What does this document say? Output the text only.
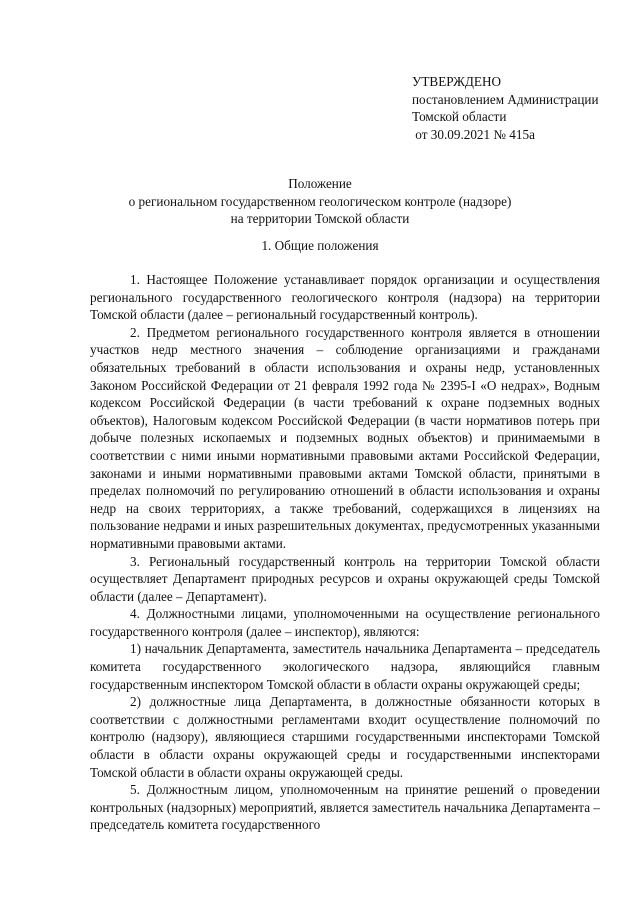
УТВЕРЖДЕНО
постановлением Администрации
Томской области
от 30.09.2021 № 415а
Положение
о региональном государственном геологическом контроле (надзоре)
на территории Томской области
1. Общие положения

1. Настоящее Положение устанавливает порядок организации и осуществления регионального государственного геологического контроля (надзора) на территории Томской области (далее – региональный государственный контроль).

2. Предметом регионального государственного контроля является в отношении участков недр местного значения – соблюдение организациями и гражданами обязательных требований в области использования и охраны недр, установленных Законом Российской Федерации от 21 февраля 1992 года № 2395-I «О недрах», Водным кодексом Российской Федерации (в части требований к охране подземных водных объектов), Налоговым кодексом Российской Федерации (в части нормативов потерь при добыче полезных ископаемых и подземных водных объектов) и принимаемыми в соответствии с ними иными нормативными правовыми актами Российской Федерации, законами и иными нормативными правовыми актами Томской области, принятыми в пределах полномочий по регулированию отношений в области использования и охраны недр на своих территориях, а также требований, содержащихся в лицензиях на пользование недрами и иных разрешительных документах, предусмотренных указанными нормативными правовыми актами.

3. Региональный государственный контроль на территории Томской области осуществляет Департамент природных ресурсов и охраны окружающей среды Томской области (далее – Департамент).

4. Должностными лицами, уполномоченными на осуществление регионального государственного контроля (далее – инспектор), являются:

1) начальник Департамента, заместитель начальника Департамента – председатель комитета государственного экологического надзора, являющийся главным государственным инспектором Томской области в области охраны окружающей среды;

2) должностные лица Департамента, в должностные обязанности которых в соответствии с должностными регламентами входит осуществление полномочий по контролю (надзору), являющиеся старшими государственными инспекторами Томской области в области охраны окружающей среды и государственными инспекторами Томской области в области охраны окружающей среды.

5. Должностным лицом, уполномоченным на принятие решений о проведении контрольных (надзорных) мероприятий, является заместитель начальника Департамента – председатель комитета государственного
